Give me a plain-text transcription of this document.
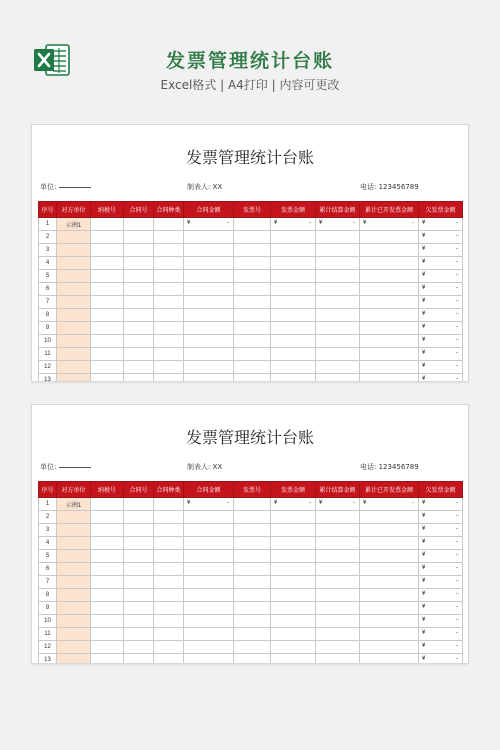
发票管理统计台账
Excel格式 | A4打印 | 内容可更改
发票管理统计台账
单位:	制表人: XX	电话: 123456789
序号	对方单位	纳税号	合同号	合同种类	合同金额	发票号	发票金额	累计结算金额	累计已开发票金额	欠发票金额
1	示例1				¥ -		¥ -	¥ -	¥ -	¥ -

2										¥ -

3										¥ -

4										¥ -

5										¥ -

6										¥ -

7										¥ -

8										¥ -

9										¥ -

10										¥ -

11										¥ -

12										¥ -

13										¥ -
发票管理统计台账
单位:	制表人: XX	电话: 123456789
序号	对方单位	纳税号	合同号	合同种类	合同金额	发票号	发票金额	累计结算金额	累计已开发票金额	欠发票金额
1	示例1				¥ -		¥ -	¥ -	¥ -	¥ -

2										¥ -

3										¥ -

4										¥ -

5										¥ -

6										¥ -

7										¥ -

8										¥ -

9										¥ -

10										¥ -

11										¥ -

12										¥ -

13										¥ -
